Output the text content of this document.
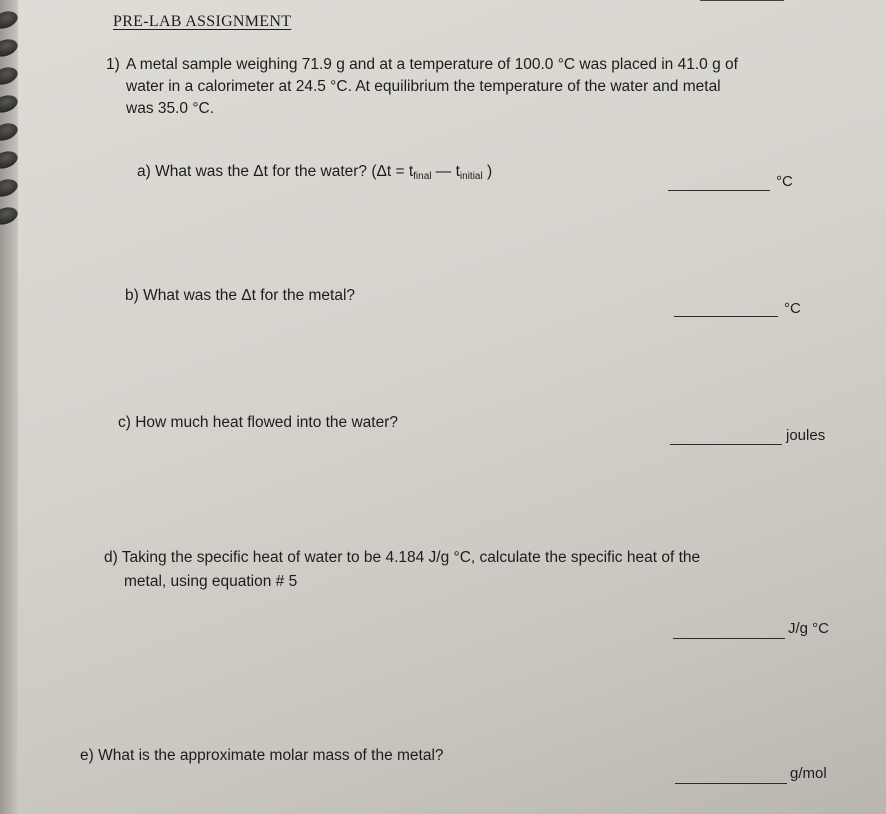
PRE-LAB ASSIGNMENT
1) A metal sample weighing 71.9 g and at a temperature of 100.0 °C was placed in 41.0 g of
water in a calorimeter at 24.5 °C. At equilibrium the temperature of the water and metal
was 35.0 °C.
a) What was the Δt for the water? (Δt = tfinal — tinitial )
°C
b) What was the Δt for the metal?
°C
c) How much heat flowed into the water?
joules
d) Taking the specific heat of water to be 4.184 J/g °C, calculate the specific heat of the
metal, using equation # 5
J/g °C
e) What is the approximate molar mass of the metal?
g/mol
